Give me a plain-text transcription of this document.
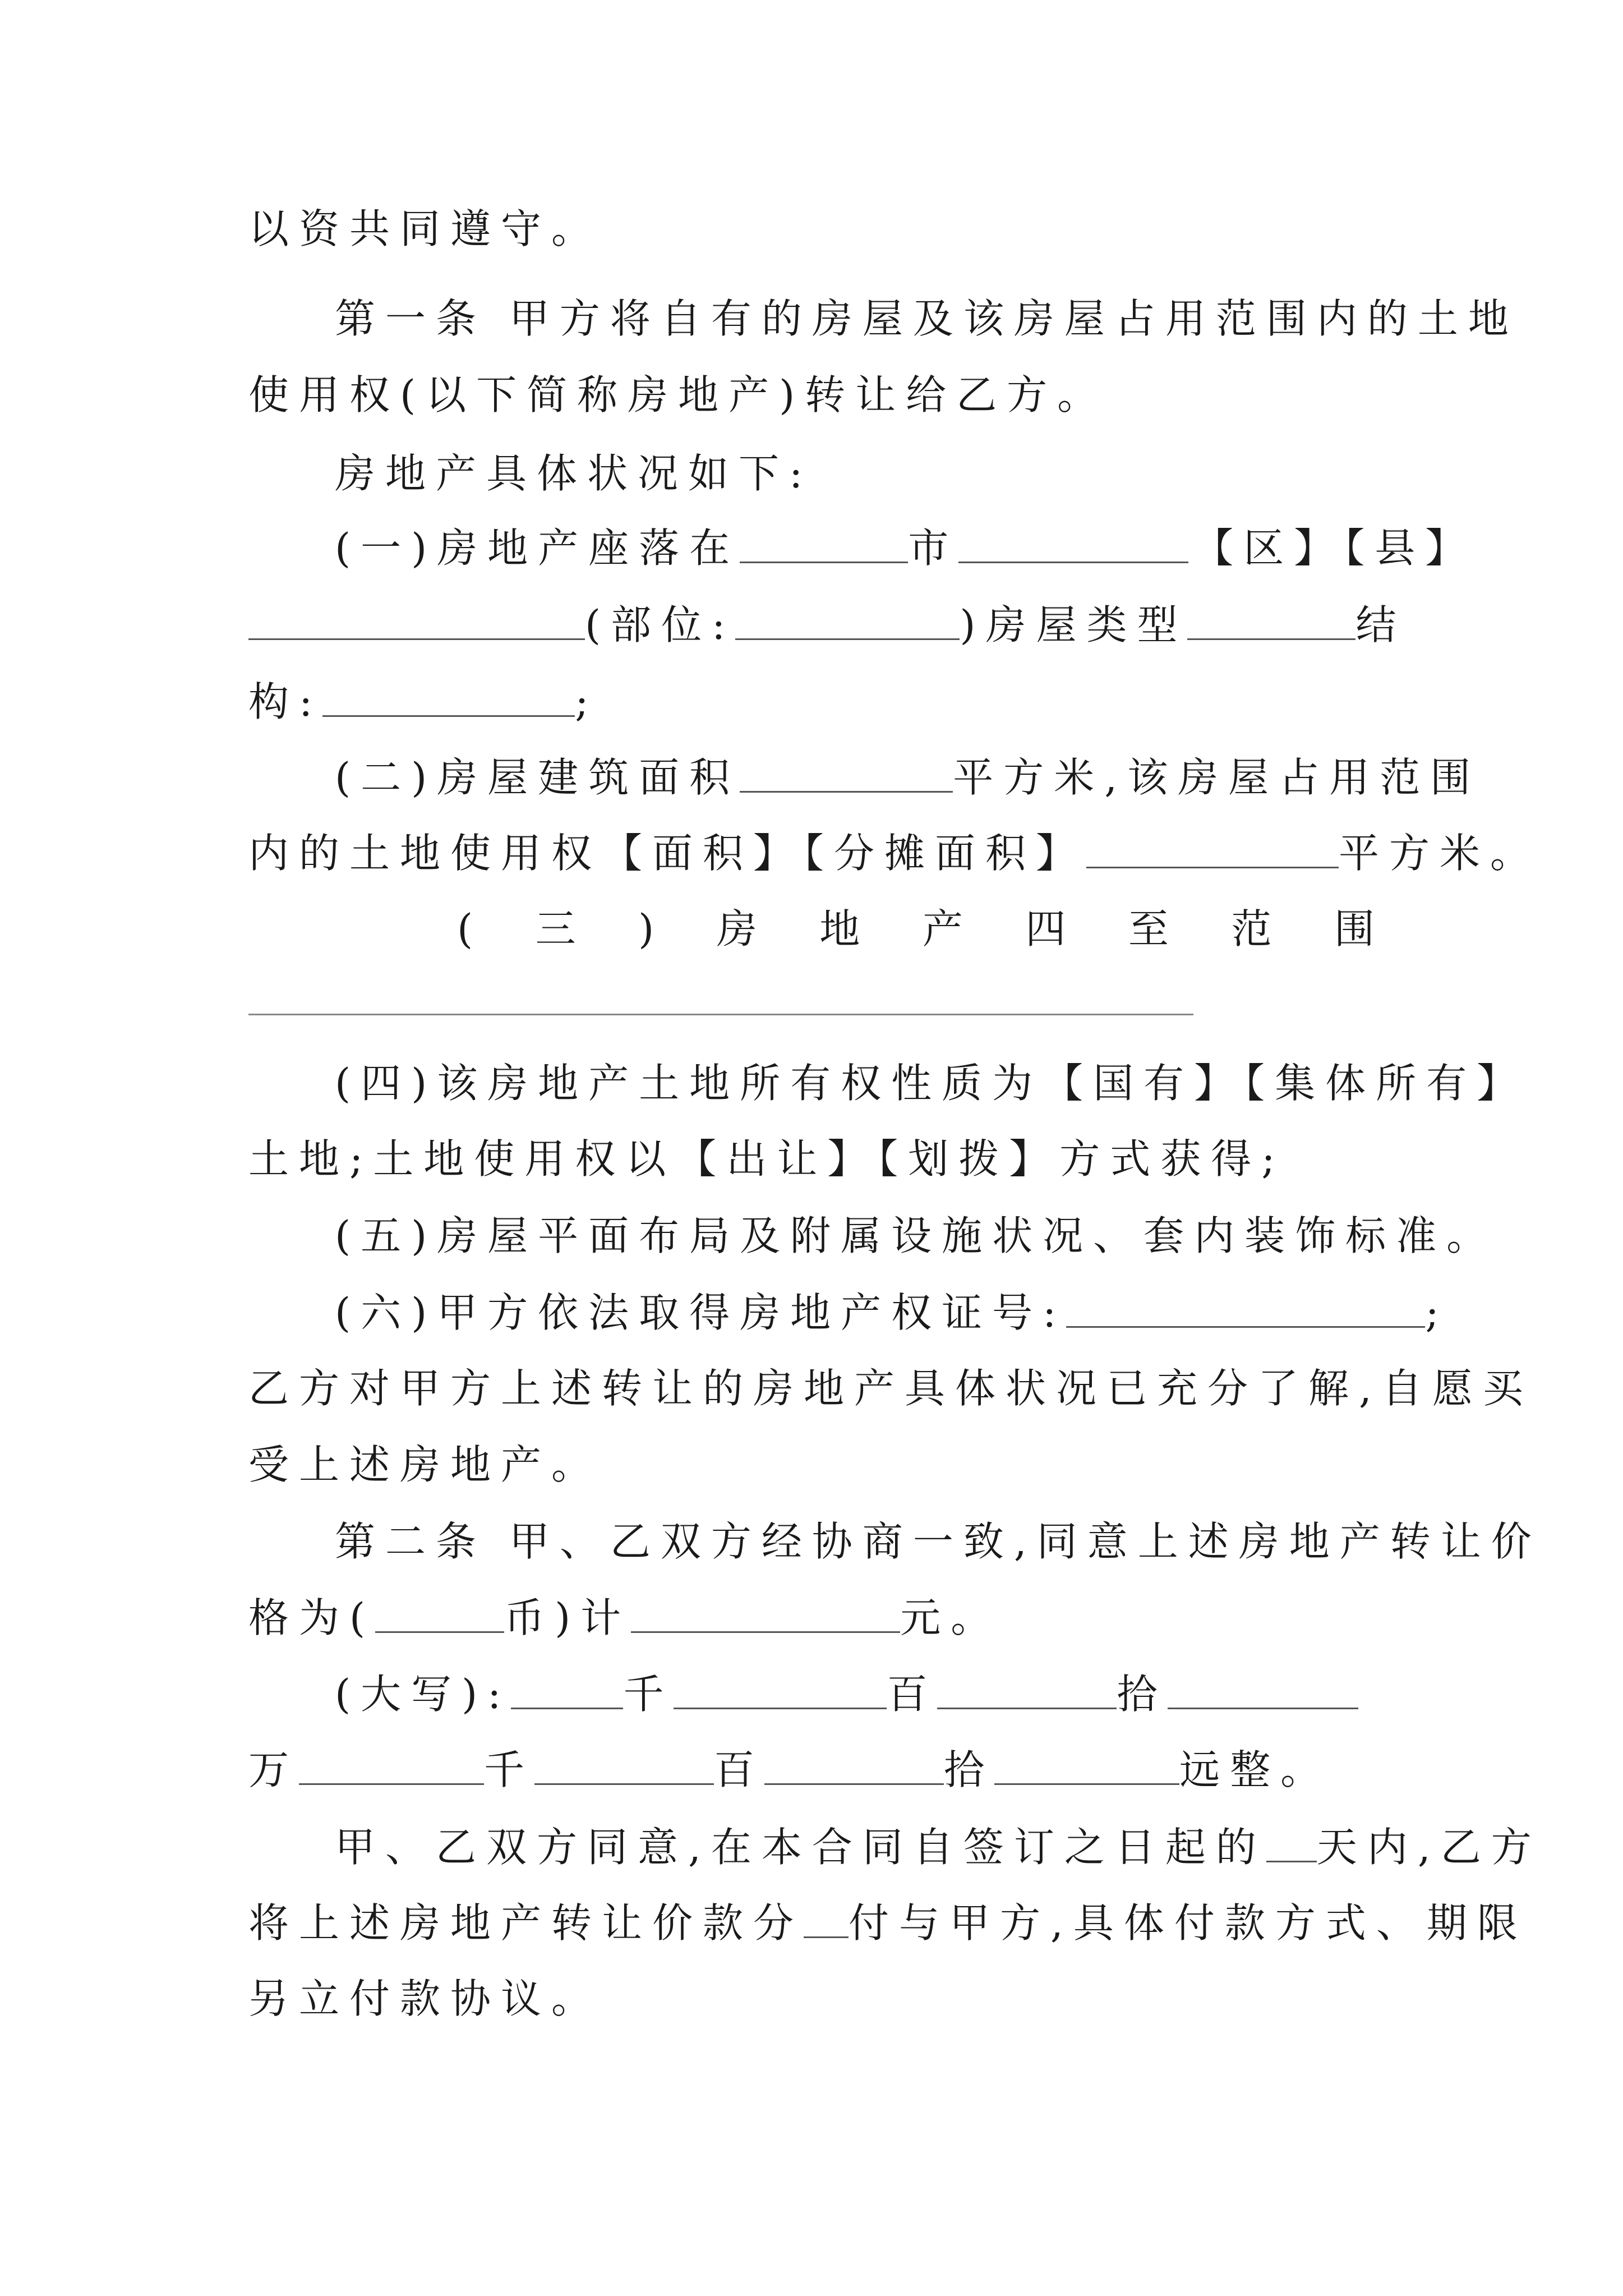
以资共同遵守。
第一条 甲方将自有的房屋及该房屋占用范围内的土地
使用权(以下简称房地产)转让给乙方。
房地产具体状况如下:
(一)房地产座落在	市	【区】【县】
(部位:	)房屋类型	结
构:	;
(二)房屋建筑面积	平方米,该房屋占用范围
内的土地使用权【面积】【分摊面积】	平方米。
( 三 ) 房 地 产 四 至 范 围
(四)该房地产土地所有权性质为【国有】【集体所有】
土地;土地使用权以【出让】【划拨】方式获得;
(五)房屋平面布局及附属设施状况、套内装饰标准。
(六)甲方依法取得房地产权证号:	;
乙方对甲方上述转让的房地产具体状况已充分了解,自愿买
受上述房地产。
第二条 甲、乙双方经协商一致,同意上述房地产转让价
格为(	币)计	元。
(大写):	千	百	拾
万	千	百	拾	远整。
甲、乙双方同意,在本合同自签订之日起的 天内,乙方
将上述房地产转让价款分 付与甲方,具体付款方式、期限
另立付款协议。
